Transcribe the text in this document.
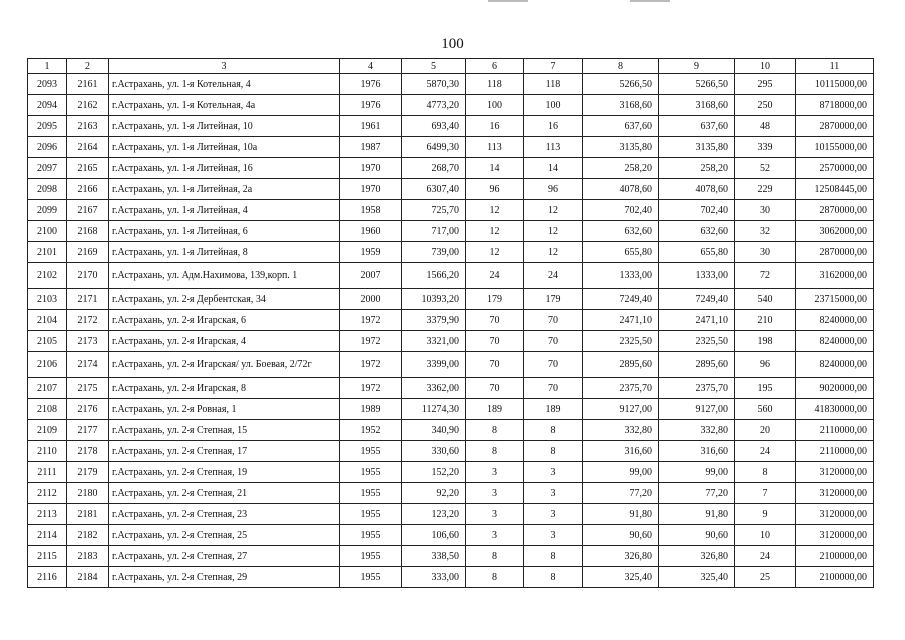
100
1	2	3	4	5	6	7	8	9	10	11
2093	2161	г.Астрахань, ул. 1-я Котельная, 4	1976	5870,30	118	118	5266,50	5266,50	295	10115000,00
2094	2162	г.Астрахань, ул. 1-я Котельная, 4а	1976	4773,20	100	100	3168,60	3168,60	250	8718000,00
2095	2163	г.Астрахань, ул. 1-я Литейная, 10	1961	693,40	16	16	637,60	637,60	48	2870000,00
2096	2164	г.Астрахань, ул. 1-я Литейная, 10а	1987	6499,30	113	113	3135,80	3135,80	339	10155000,00
2097	2165	г.Астрахань, ул. 1-я Литейная, 16	1970	268,70	14	14	258,20	258,20	52	2570000,00
2098	2166	г.Астрахань, ул. 1-я Литейная, 2а	1970	6307,40	96	96	4078,60	4078,60	229	12508445,00
2099	2167	г.Астрахань, ул. 1-я Литейная, 4	1958	725,70	12	12	702,40	702,40	30	2870000,00
2100	2168	г.Астрахань, ул. 1-я Литейная, 6	1960	717,00	12	12	632,60	632,60	32	3062000,00
2101	2169	г.Астрахань, ул. 1-я Литейная, 8	1959	739,00	12	12	655,80	655,80	30	2870000,00
2102	2170	г.Астрахань, ул. Адм.Нахимова, 139,корп. 1	2007	1566,20	24	24	1333,00	1333,00	72	3162000,00
2103	2171	г.Астрахань, ул. 2-я Дербентская, 34	2000	10393,20	179	179	7249,40	7249,40	540	23715000,00
2104	2172	г.Астрахань, ул. 2-я Игарская, 6	1972	3379,90	70	70	2471,10	2471,10	210	8240000,00
2105	2173	г.Астрахань, ул. 2-я Игарская, 4	1972	3321,00	70	70	2325,50	2325,50	198	8240000,00
2106	2174	г.Астрахань, ул. 2-я Игарская/ ул. Боевая, 2/72г	1972	3399,00	70	70	2895,60	2895,60	96	8240000,00
2107	2175	г.Астрахань, ул. 2-я Игарская, 8	1972	3362,00	70	70	2375,70	2375,70	195	9020000,00
2108	2176	г.Астрахань, ул. 2-я Ровная, 1	1989	11274,30	189	189	9127,00	9127,00	560	41830000,00
2109	2177	г.Астрахань, ул. 2-я Степная, 15	1952	340,90	8	8	332,80	332,80	20	2110000,00
2110	2178	г.Астрахань, ул. 2-я Степная, 17	1955	330,60	8	8	316,60	316,60	24	2110000,00
2111	2179	г.Астрахань, ул. 2-я Степная, 19	1955	152,20	3	3	99,00	99,00	8	3120000,00
2112	2180	г.Астрахань, ул. 2-я Степная, 21	1955	92,20	3	3	77,20	77,20	7	3120000,00
2113	2181	г.Астрахань, ул. 2-я Степная, 23	1955	123,20	3	3	91,80	91,80	9	3120000,00
2114	2182	г.Астрахань, ул. 2-я Степная, 25	1955	106,60	3	3	90,60	90,60	10	3120000,00
2115	2183	г.Астрахань, ул. 2-я Степная, 27	1955	338,50	8	8	326,80	326,80	24	2100000,00
2116	2184	г.Астрахань, ул. 2-я Степная, 29	1955	333,00	8	8	325,40	325,40	25	2100000,00
